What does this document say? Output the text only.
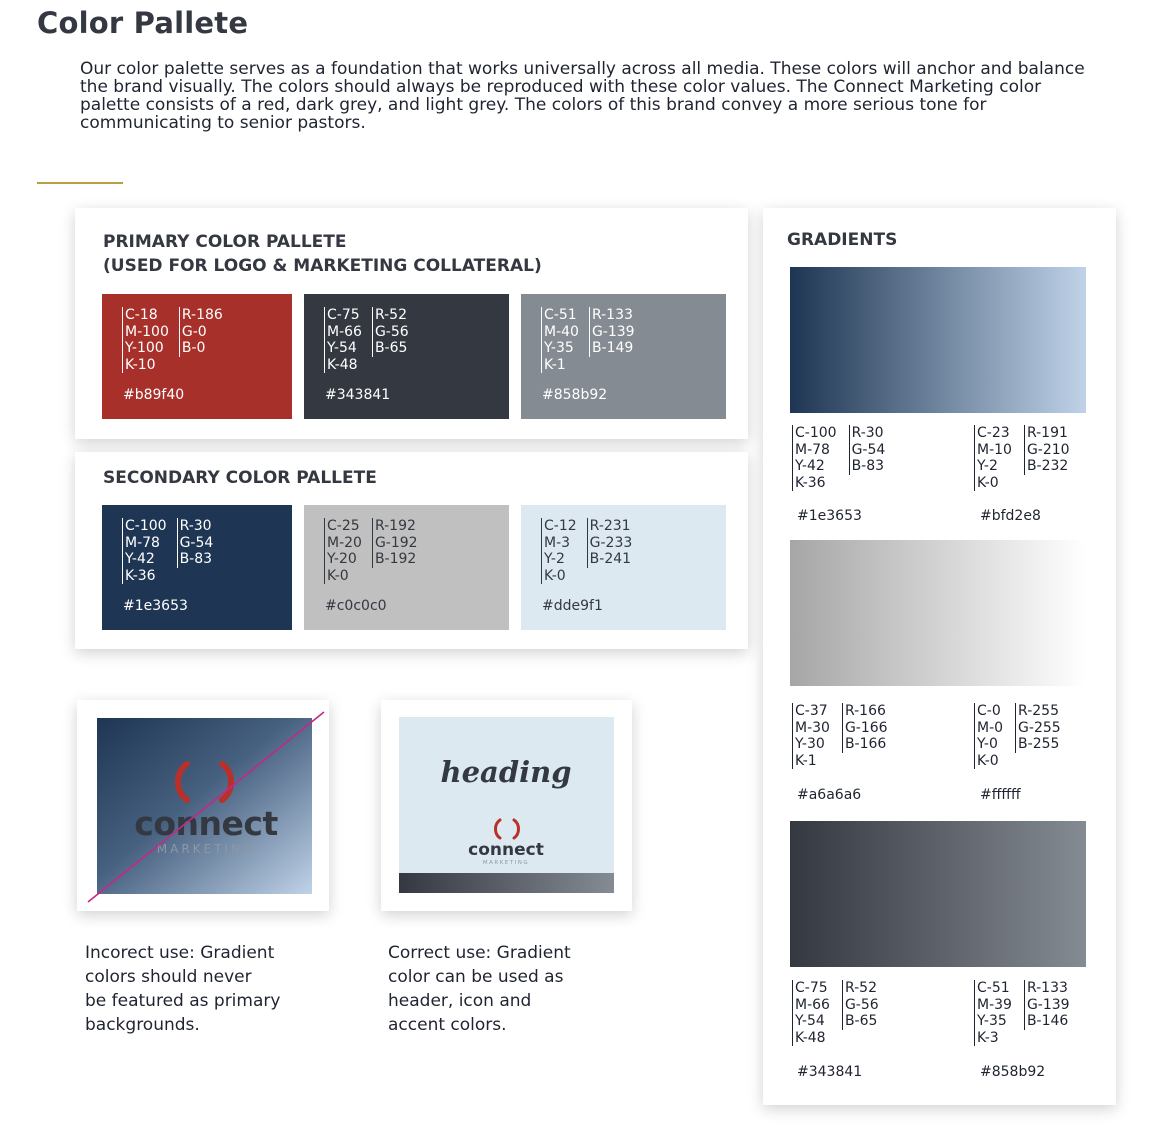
Color Pallete

Our color palette serves as a foundation that works universally across all media. These colors will anchor and balance the brand visually. The colors should always be reproduced with these color values. The Connect Marketing color palette consists of a red, dark grey, and light grey. The colors of this brand convey a more serious tone for communicating to senior pastors.

PRIMARY COLOR PALLETE
(USED FOR LOGO & MARKETING COLLATERAL)

C-18
M-100
Y-100
K-10
R-186
G-0
B-0
#b89f40
C-75
M-66
Y-54
K-48
R-52
G-56
B-65
#343841
C-51
M-40
Y-35
K-1
R-133
G-139
B-149
#858b92

SECONDARY COLOR PALLETE

C-100
M-78
Y-42
K-36
R-30
G-54
B-83
#1e3653
C-25
M-20
Y-20
K-0
R-192
G-192
B-192
#c0c0c0
C-12
M-3
Y-2
K-0
R-231
G-233
B-241
#dde9f1

GRADIENTS

C-100
M-78
Y-42
K-36
R-30
G-54
B-83
C-23
M-10
Y-2
K-0
R-191
G-210
B-232
#1e3653	#bfd2e8
C-37
M-30
Y-30
K-1
R-166
G-166
B-166
C-0
M-0
Y-0
K-0
R-255
G-255
B-255
#a6a6a6	#ffffff
C-75
M-66
Y-54
K-48
R-52
G-56
B-65
C-51
M-39
Y-35
K-3
R-133
G-139
B-146
#343841	#858b92
connect
MARKETING

Incorect use: Gradient
colors should never
be featured as primary
backgrounds.

heading
connect
MARKETING

Correct use: Gradient
color can be used as
header, icon and
accent colors.
